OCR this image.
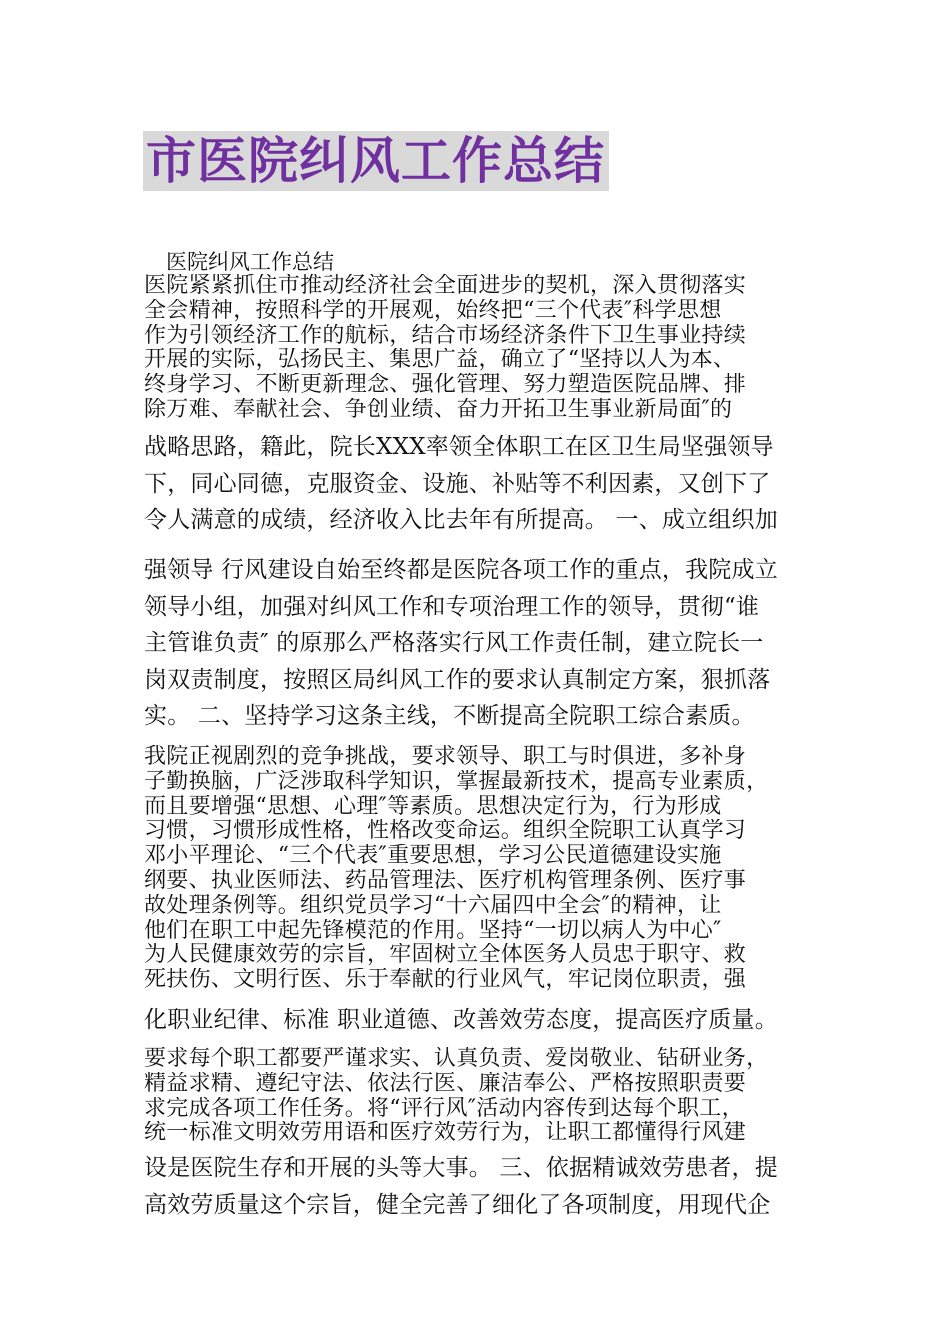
市医院纠风工作总结
医院纠风工作总结
医院紧紧抓住市推动经济社会全面进步的契机，深入贯彻落实
全会精神，按照科学的开展观，始终把“三个代表″科学思想
作为引领经济工作的航标，结合市场经济条件下卫生事业持续
开展的实际，弘扬民主、集思广益，确立了“坚持以人为本、
终身学习、不断更新理念、强化管理、努力塑造医院品牌、排
除万难、奉献社会、争创业绩、奋力开拓卫生事业新局面″的
战略思路，籍此，院长XXX率领全体职工在区卫生局坚强领导
下，同心同德，克服资金、设施、补贴等不利因素，又创下了
令人满意的成绩，经济收入比去年有所提高。 一、成立组织加
强领导 行风建设自始至终都是医院各项工作的重点，我院成立
领导小组，加强对纠风工作和专项治理工作的领导，贯彻“谁
主管谁负责″ 的原那么严格落实行风工作责任制，建立院长一
岗双责制度，按照区局纠风工作的要求认真制定方案，狠抓落
实。 二、坚持学习这条主线，不断提高全院职工综合素质。
我院正视剧烈的竞争挑战，要求领导、职工与时俱进，多补身
子勤换脑，广泛涉取科学知识，掌握最新技术，提高专业素质，
而且要增强“思想、心理″等素质。思想决定行为，行为形成
习惯，习惯形成性格，性格改变命运。组织全院职工认真学习
邓小平理论、“三个代表″重要思想，学习公民道德建设实施
纲要、执业医师法、药品管理法、医疗机构管理条例、医疗事
故处理条例等。组织党员学习“十六届四中全会″的精神，让
他们在职工中起先锋模范的作用。坚持“一切以病人为中心″
为人民健康效劳的宗旨，牢固树立全体医务人员忠于职守、救
死扶伤、文明行医、乐于奉献的行业风气，牢记岗位职责，强
化职业纪律、标准 职业道德、改善效劳态度，提高医疗质量。
要求每个职工都要严谨求实、认真负责、爱岗敬业、钻研业务，
精益求精、遵纪守法、依法行医、廉洁奉公、严格按照职责要
求完成各项工作任务。将“评行风″活动内容传到达每个职工，
统一标准文明效劳用语和医疗效劳行为，让职工都懂得行风建
设是医院生存和开展的头等大事。 三、依据精诚效劳患者，提
高效劳质量这个宗旨，健全完善了细化了各项制度，用现代企
